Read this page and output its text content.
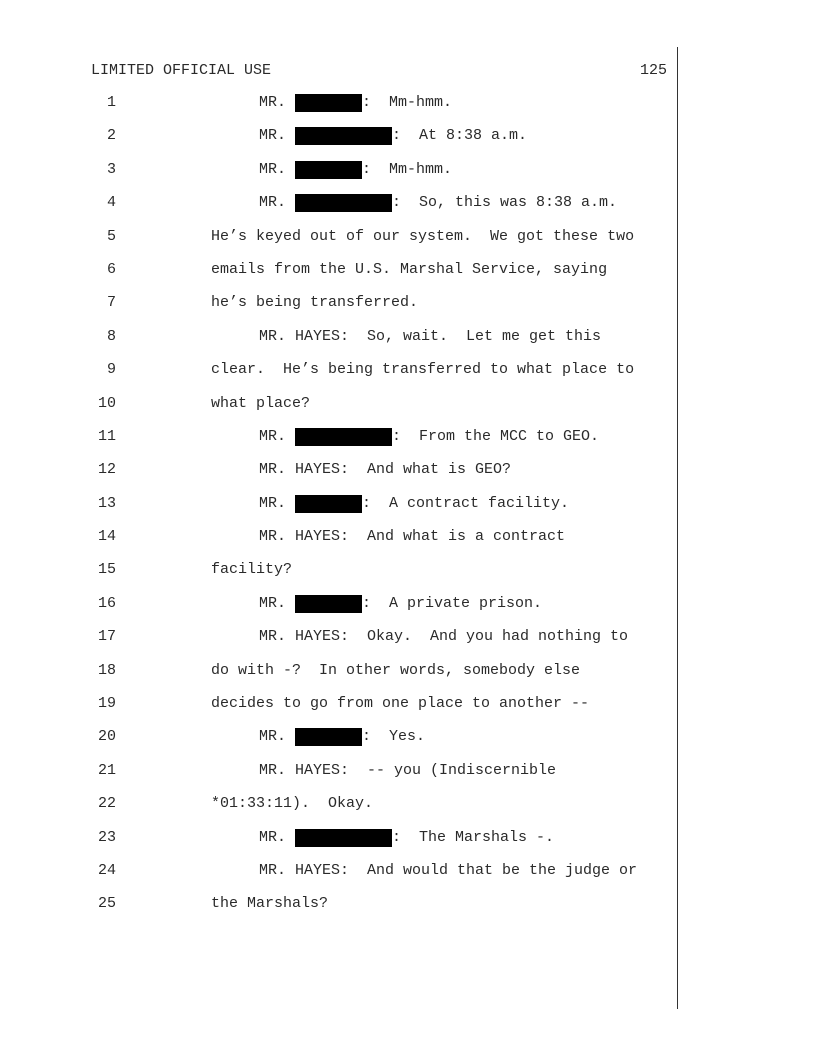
LIMITED OFFICIAL USE	125
1	MR.	:  Mm-hmm.
2	MR.	:  At 8:38 a.m.
3	MR.	:  Mm-hmm.
4	MR.	:  So, this was 8:38 a.m.
5	He’s keyed out of our system.  We got these two
6	emails from the U.S. Marshal Service, saying
7	he’s being transferred.
8	MR. HAYES:  So, wait.  Let me get this
9	clear.  He’s being transferred to what place to
10	what place?
11	MR.	:  From the MCC to GEO.
12	MR. HAYES:  And what is GEO?
13	MR.	:  A contract facility.
14	MR. HAYES:  And what is a contract
15	facility?
16	MR.	:  A private prison.
17	MR. HAYES:  Okay.  And you had nothing to
18	do with -?  In other words, somebody else
19	decides to go from one place to another --
20	MR.	:  Yes.
21	MR. HAYES:  -- you (Indiscernible
22	*01:33:11).  Okay.
23	MR.	:  The Marshals -.
24	MR. HAYES:  And would that be the judge or
25	the Marshals?
